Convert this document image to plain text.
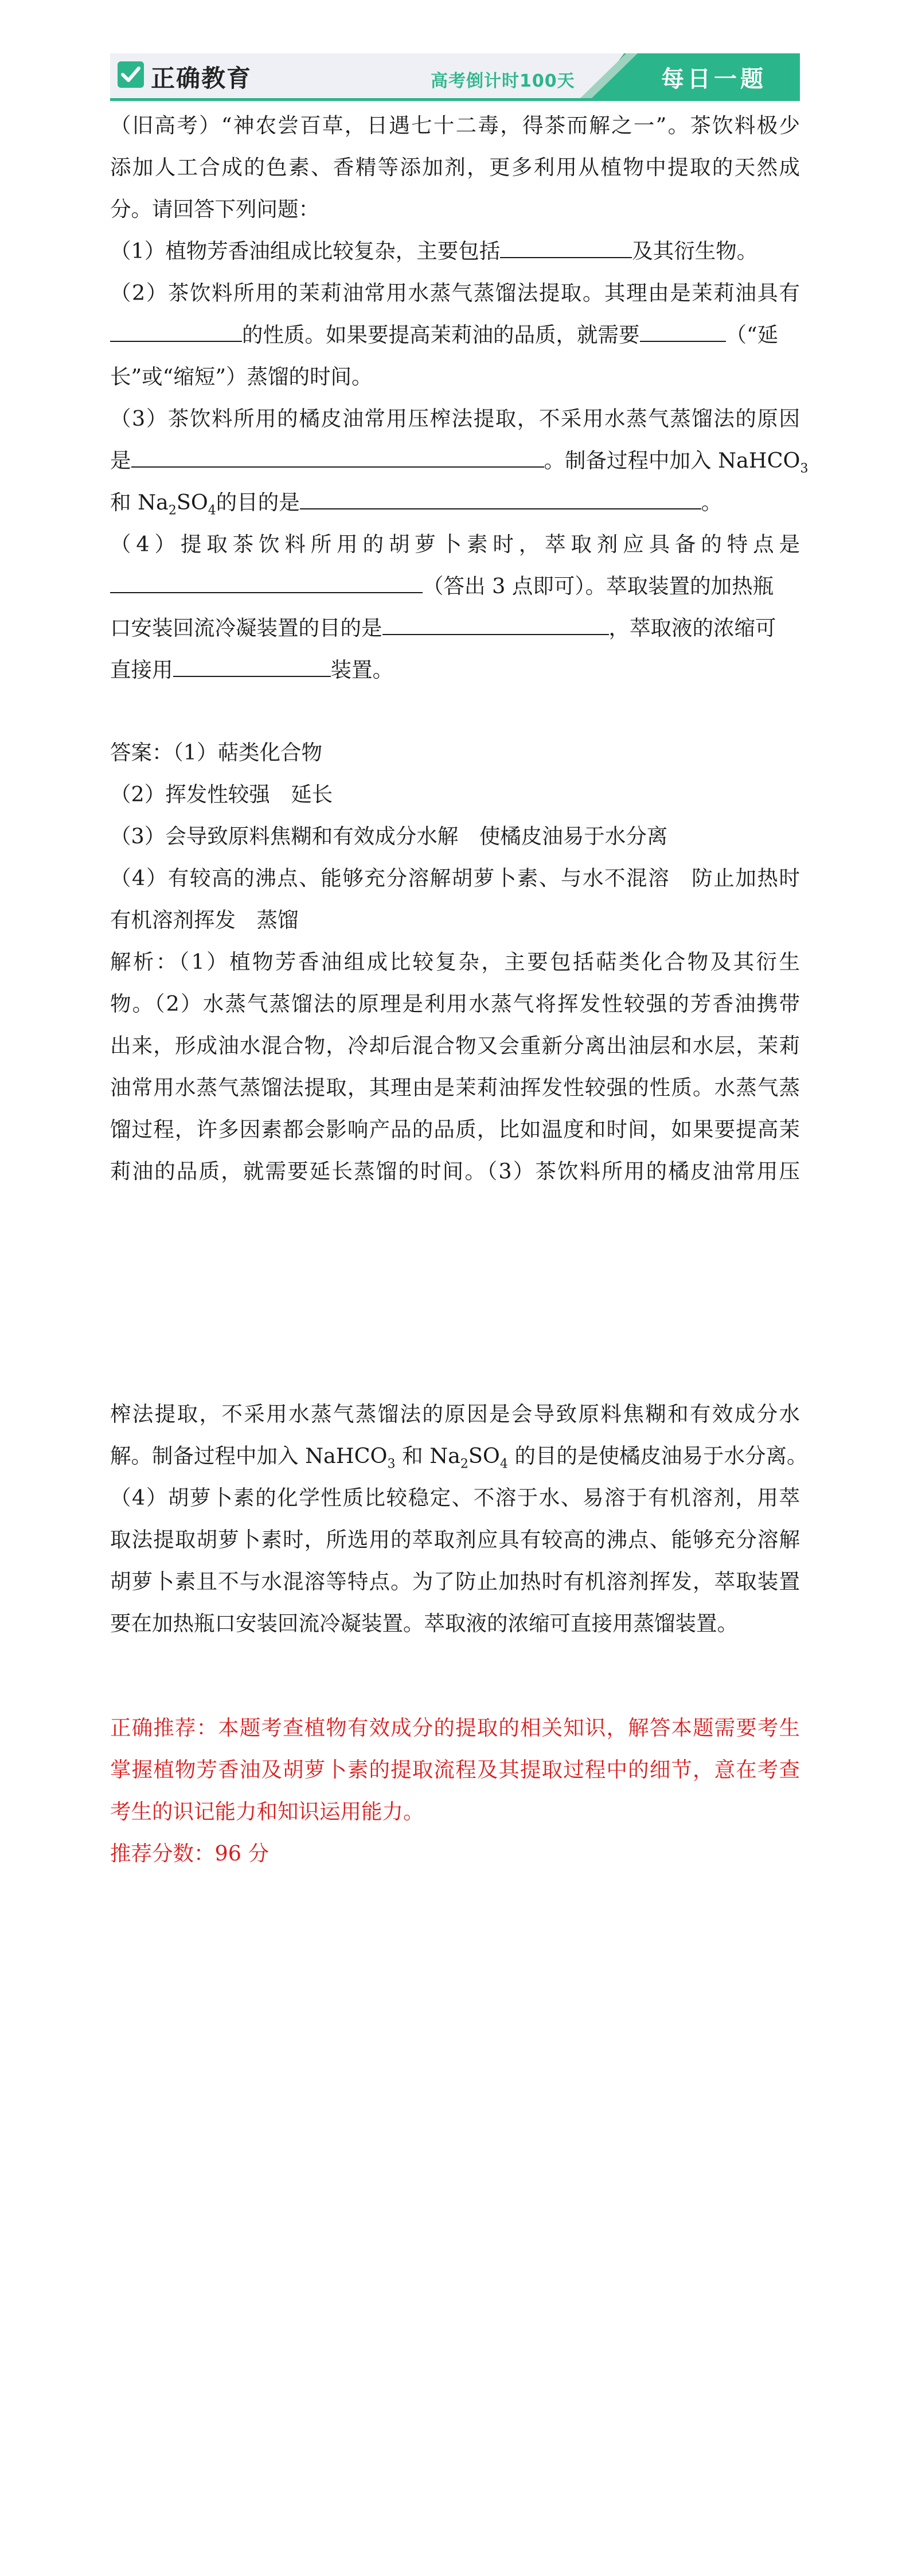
正确教育	高考倒计时100天	每日一题

（旧高考）“神农尝百草，日遇七十二毒，得茶而解之一”。茶饮料极少

添加人工合成的色素、香精等添加剂，更多利用从植物中提取的天然成

分。请回答下列问题：

（1）植物芳香油组成比较复杂，主要包括	及其衍生物。

（2）茶饮料所用的茉莉油常用水蒸气蒸馏法提取。其理由是茉莉油具有

的性质。如果要提高茉莉油的品质，就需要	（“延

长”或“缩短”）蒸馏的时间。

（3）茶饮料所用的橘皮油常用压榨法提取，不采用水蒸气蒸馏法的原因

是	。制备过程中加入 NaHCO$_3$

和 $Na_2SO_4$的目的是	。

（4）提取茶饮料所用的胡萝卜素时，萃取剂应具备的特点是

（答出 3 点即可）。萃取装置的加热瓶

口安装回流冷凝装置的目的是	，萃取液的浓缩可

直接用	装置。

答案：（1）萜类化合物

（2）挥发性较强　延长

（3）会导致原料焦糊和有效成分水解　使橘皮油易于水分离

（4）有较高的沸点、能够充分溶解胡萝卜素、与水不混溶　防止加热时

有机溶剂挥发　蒸馏

解析：（1）植物芳香油组成比较复杂，主要包括萜类化合物及其衍生

物。（2）水蒸气蒸馏法的原理是利用水蒸气将挥发性较强的芳香油携带

出来，形成油水混合物，冷却后混合物又会重新分离出油层和水层，茉莉

油常用水蒸气蒸馏法提取，其理由是茉莉油挥发性较强的性质。水蒸气蒸

馏过程，许多因素都会影响产品的品质，比如温度和时间，如果要提高茉

莉油的品质，就需要延长蒸馏的时间。（3）茶饮料所用的橘皮油常用压

榨法提取，不采用水蒸气蒸馏法的原因是会导致原料焦糊和有效成分水

解。制备过程中加入 NaHCO$_3$ 和 $Na_2SO_4$ 的目的是使橘皮油易于水分离。

（4）胡萝卜素的化学性质比较稳定、不溶于水、易溶于有机溶剂，用萃

取法提取胡萝卜素时，所选用的萃取剂应具有较高的沸点、能够充分溶解

胡萝卜素且不与水混溶等特点。为了防止加热时有机溶剂挥发，萃取装置

要在加热瓶口安装回流冷凝装置。萃取液的浓缩可直接用蒸馏装置。

正确推荐：本题考查植物有效成分的提取的相关知识，解答本题需要考生

掌握植物芳香油及胡萝卜素的提取流程及其提取过程中的细节，意在考查

考生的识记能力和知识运用能力。

推荐分数：96 分
